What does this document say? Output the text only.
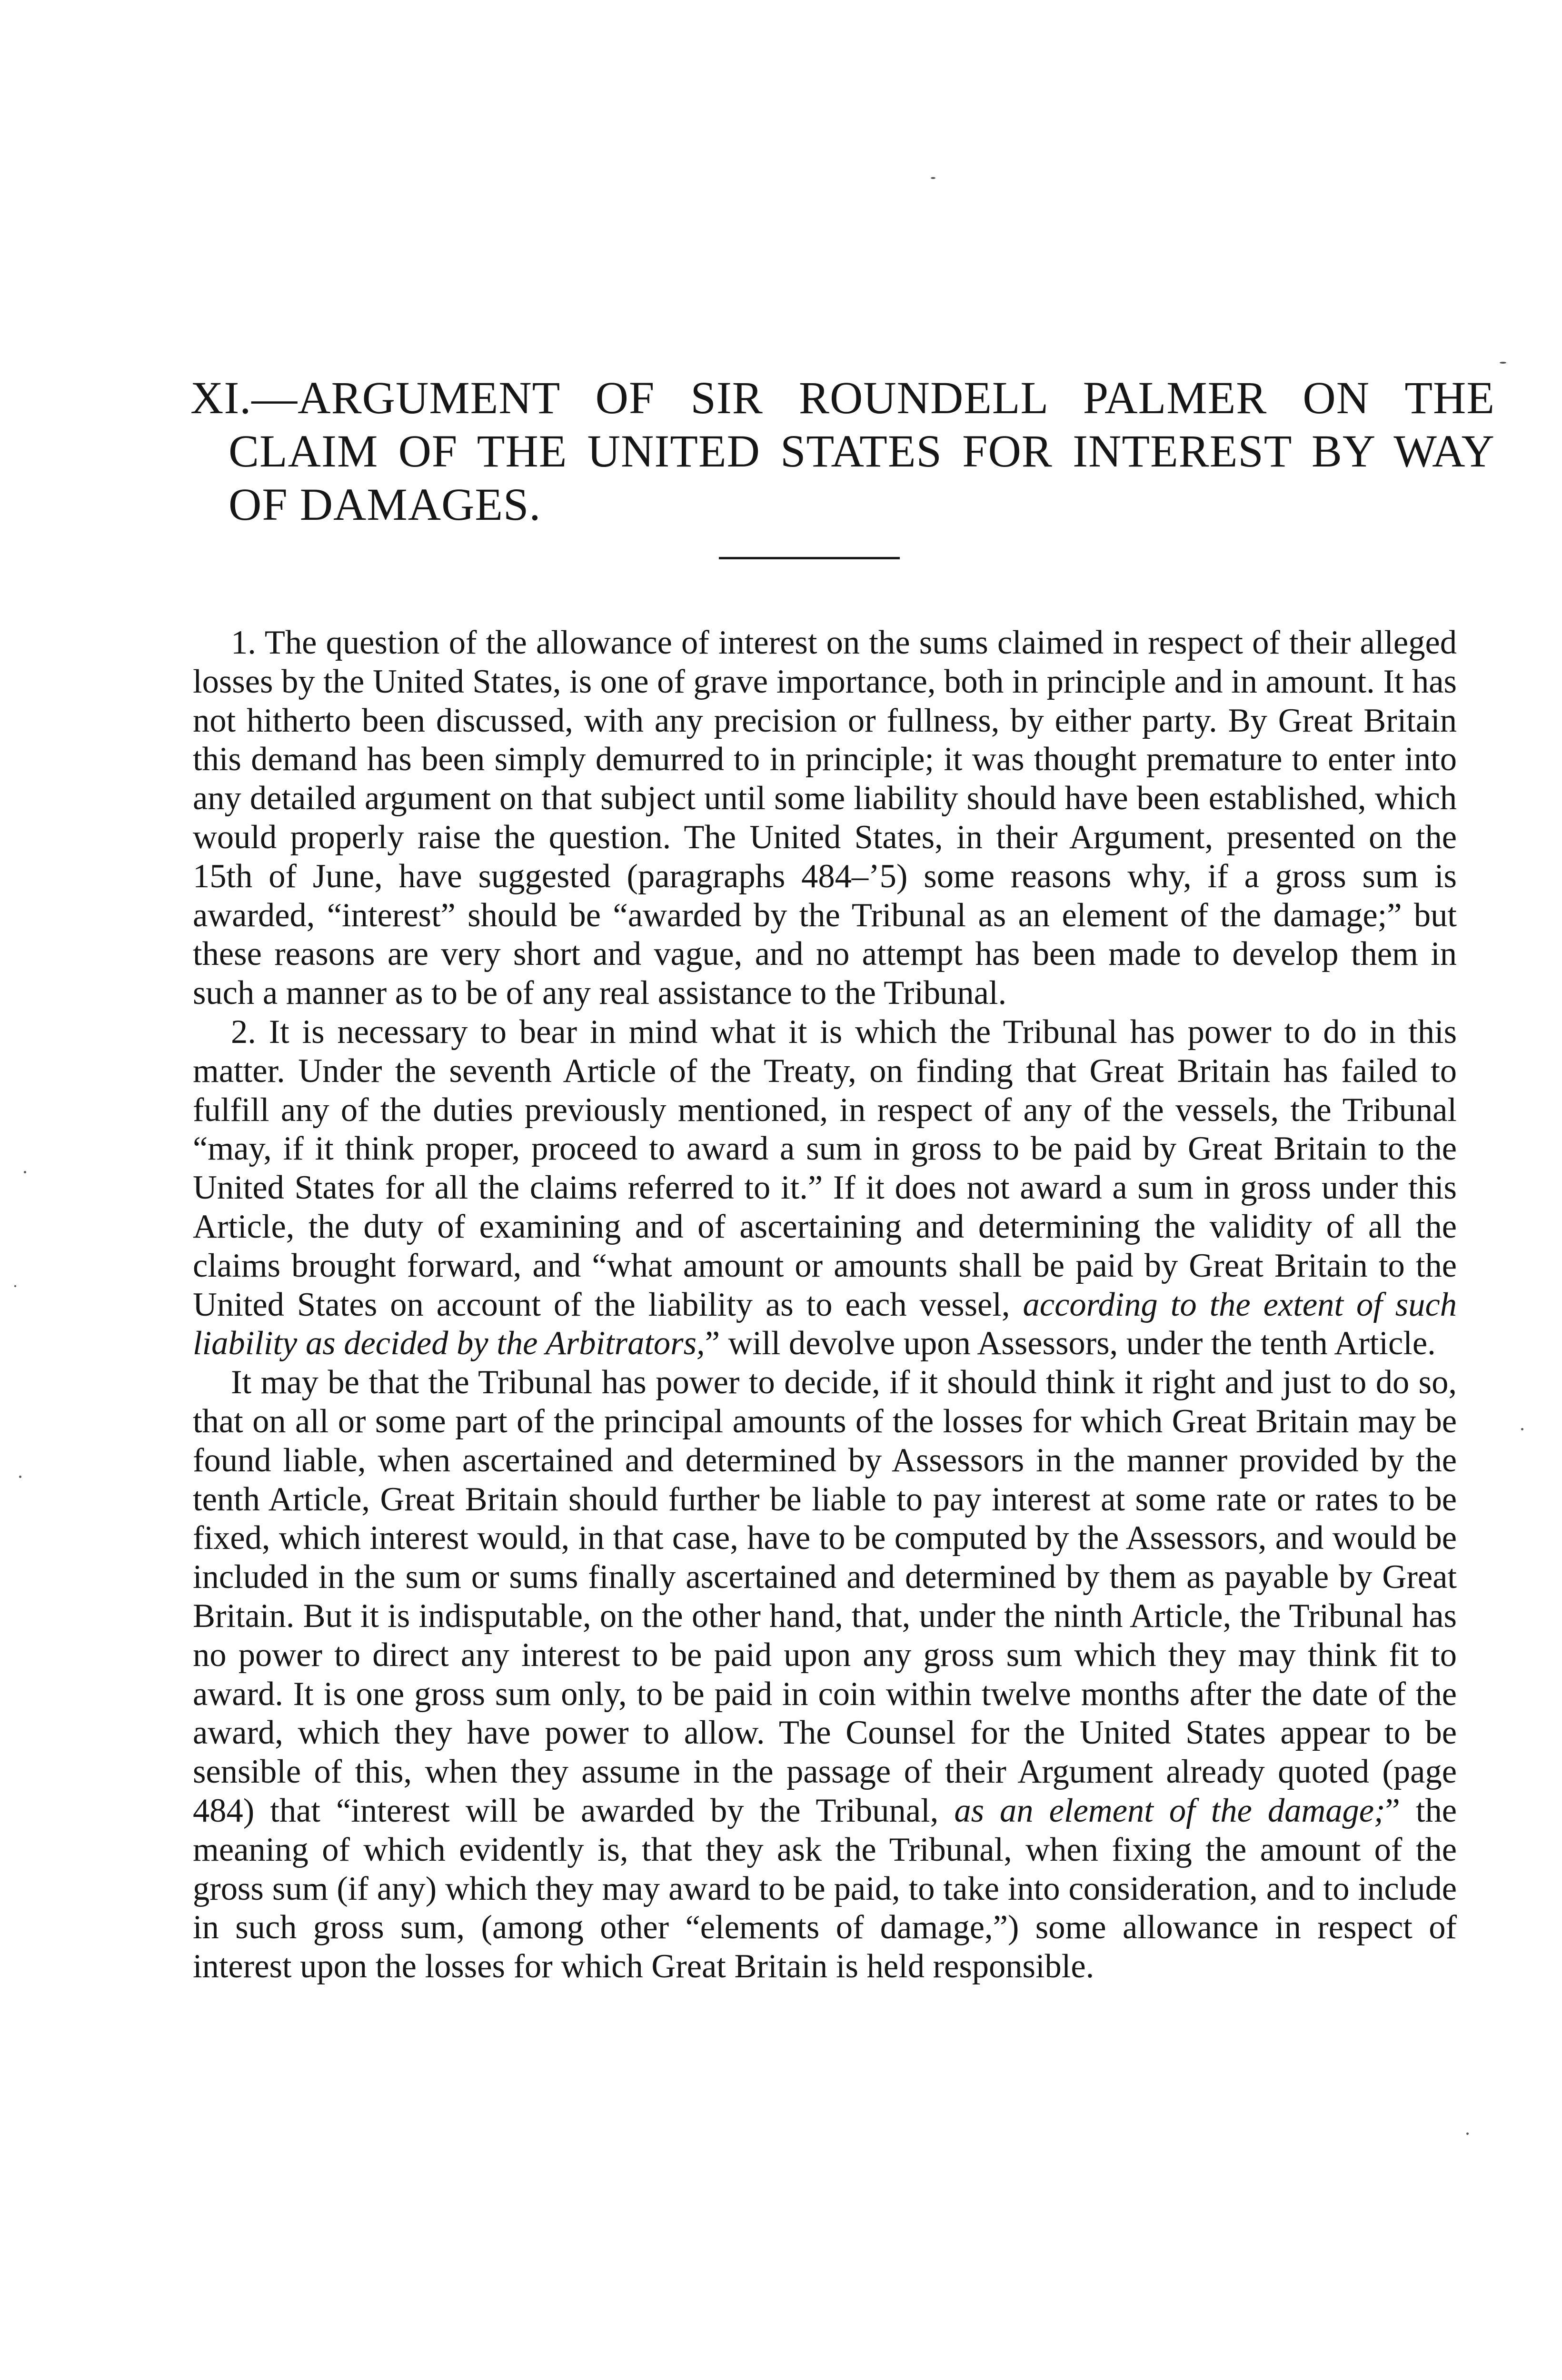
XI.—ARGUMENT OF SIR ROUNDELL PALMER ON THE CLAIM OF THE UNITED STATES FOR INTEREST BY WAY OF DAMAGES.

1. The question of the allowance of interest on the sums claimed in respect of their alleged losses by the United States, is one of grave importance, both in principle and in amount. It has not hitherto been discussed, with any precision or fullness, by either party. By Great Britain this demand has been simply demurred to in principle; it was thought premature to enter into any detailed argument on that subject until some liability should have been established, which would properly raise the question. The United States, in their Argument, presented on the 15th of June, have suggested (paragraphs 484–’5) some reasons why, if a gross sum is awarded, “interest” should be “awarded by the Tribunal as an element of the damage;” but these reasons are very short and vague, and no attempt has been made to develop them in such a manner as to be of any real assistance to the Tribunal.

2. It is necessary to bear in mind what it is which the Tribunal has power to do in this matter. Under the seventh Article of the Treaty, on finding that Great Britain has failed to fulfill any of the duties previously mentioned, in respect of any of the vessels, the Tribunal “may, if it think proper, proceed to award a sum in gross to be paid by Great Britain to the United States for all the claims referred to it.” If it does not award a sum in gross under this Article, the duty of examining and of ascertaining and determining the validity of all the claims brought forward, and “what amount or amounts shall be paid by Great Britain to the United States on account of the liability as to each vessel, according to the extent of such liability as decided by the Arbitrators,” will devolve upon Assessors, under the tenth Article.

It may be that the Tribunal has power to decide, if it should think it right and just to do so, that on all or some part of the principal amounts of the losses for which Great Britain may be found liable, when ascertained and determined by Assessors in the manner provided by the tenth Article, Great Britain should further be liable to pay interest at some rate or rates to be fixed, which interest would, in that case, have to be computed by the Assessors, and would be included in the sum or sums finally ascertained and determined by them as payable by Great Britain. But it is indisputable, on the other hand, that, under the ninth Article, the Tribunal has no power to direct any interest to be paid upon any gross sum which they may think fit to award. It is one gross sum only, to be paid in coin within twelve months after the date of the award, which they have power to allow. The Counsel for the United States appear to be sensible of this, when they assume in the passage of their Argument already quoted (page 484) that “interest will be awarded by the Tribunal, as an element of the damage;” the meaning of which evidently is, that they ask the Tribunal, when fixing the amount of the gross sum (if any) which they may award to be paid, to take into consideration, and to include in such gross sum, (among other “elements of damage,”) some allowance in respect of interest upon the losses for which Great Britain is held responsible.
